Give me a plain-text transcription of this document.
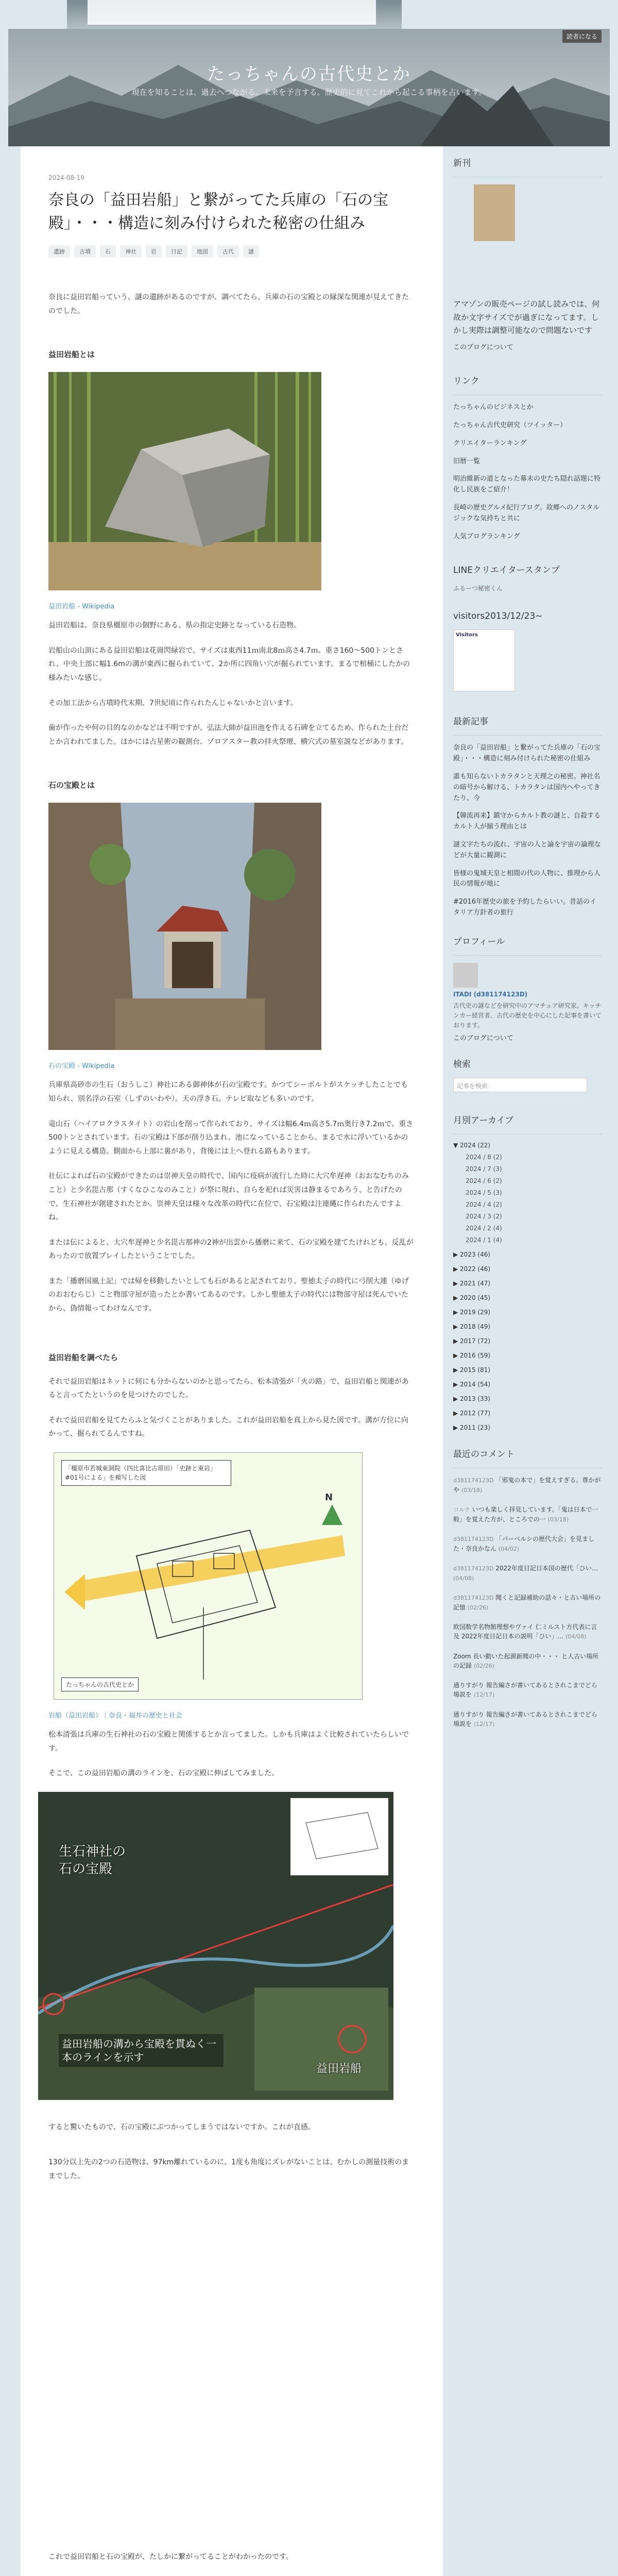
たっちゃんの古代史とか
現在を知ることは、過去へつながる。未来を予言する。歴史的に見てこれから起こる事柄を占います。
読者になる
2024-08-19
奈良の「益田岩船」と繋がってた兵庫の「石の宝殿」・・・構造に刻み付けられた秘密の仕組み
遺跡	古墳	石	神社	岩	日記	地図	古代	謎

奈良に益田岩船っていう、謎の遺跡があるのですが、調べてたら、兵庫の石の宝殿との縁深な関連が見えてきたのでした。

益田岩船とは
益田岩船 - Wikipedia

益田岩船は、奈良県橿原市の個野にある、県の指定史跡となっている石造物。

岩船山の山頂にある益田岩船は花崗閃緑岩で、サイズは東西11ｍ南北8ｍ高さ4.7ｍ。重さ160～500トンとされ、中央上部に幅1.6mの溝が東西に掘られていて、2か所に四角い穴が掘られています。まるで棺桶にしたかの様みたいな感じ。

その加工法から古墳時代末期、7世紀頃に作られたんじゃないかと言います。

歯が作ったや何の目的なのかなどは不明ですが、弘法大師が益田池を作える石碑を立てるため、作られた土台だとか言われてました。ほかには占星術の観測台、ゾロアスター教の拝火祭壇、横穴式の墓室説などがあります。

石の宝殿とは
石の宝殿 - Wikipedia

兵庫県高砂市の生石（おうしこ）神社にある御神体が石の宝殿です。かつてシーボルトがスケッチしたことでも知られ、別名浮の石室（しずのいわや）。天の浮き石。テレビ取なども多いのです。

竜山石（ハイアロクラスタイト）の岩山を削って作られており、サイズは幅6.4ｍ高さ5.7ｍ奥行き7.2ｍで、重さ500トンとされています。石の宝殿は下部が削り込まれ、池になっていることから、まるで水に浮いているかのように見える構造。側面から上部に裏があり、背後には上へ登れる路もあります。

社伝によれば石の宝殿ができたのは崇神天皇の時代で、国内に疫病が流行した時に大穴牟遅神（おおなむちのみこと）と少名毘古那（すくなひこなのみこと）が祭に現れ、自らを祀れば災害は静まるであろう、と告げたので、生石神社が創建されたとか。崇神天皇は様々な改革の時代に在位で、石宝殿は注連縄に作られたんですよね。

または伝によると、大穴牟遅神と少名毘古那神の2神が出雲から播磨に来て、石の宝殿を建てたけれども、反乱があったので放置プレイしたということでした。

また「播磨国風土記」では帰を移動したいとしても石があると記されており、聖徳太子の時代に弓削大連（ゆげのおおむらじ）こと物部守屋が造ったとか書いてあるのです。しかし聖徳太子の時代には物部守屋は死んでいたから、偽情報ってわけなんです。

益田岩船を調べたら

それで益田岩船はネットに何にも分からないのかと思ってたら、松本清張が「火の路」で、益田岩船と関連があると言ってたというのを見つけたのでした。

それで益田岩船を見てたらふと気づくことがありました。これが益田岩船を真上から見た図です。溝が方位に向かって、掘られてるんですね。

「橿原市若城東洞院（四比喜比古原田）「史跡と東岩」#01号による」を模写した図
N
たっちゃんの古代史とか
岩船（益田岩船）｜奈良・福井の歴史と社会

松本清張は兵庫の生石神社の石の宝殿と関係するとか言ってました。しかも兵庫はよく比較されていたらしいです。

そこで、この益田岩船の溝のラインを、石の宝殿に伸ばしてみました。

生石神社の石の宝殿
益田岩船の溝から宝殿を貫ぬく一本のラインを示す
益田岩船

すると驚いたもので、石の宝殿にぶつかってしまうではないですか。これが直感。

130分以上先の2つの石造物は、97km離れているのに、1度も角度にズレがないことは、むかしの測量技術のままでした。

これで益田岩船と石の宝殿が、たしかに繋がってることがわかったのです。

新刊
アマゾンの販売ページの試し読みでは、何故か文字サイズでが過ぎになってます。しかし実際は調整可能なので問題ないです
このブログについて
リンク
たっちゃんのビジネスとか
たっちゃん古代史研究（ツイッター）
クリエイターランキング
旧暦一覧
明治維新の道となった幕末の史たち隠れ話題に特化し民族をご紹介！
長崎の歴史グルメ紀行ブログ。故郷へのノスタルジックな気持ちと共に
人気ブログランキング
LINEクリエイタースタンプ
ふるーつ秘密くん
visitors2013/12/23~
Visitors
最新記事
奈良の「益田岩船」と繋がってた兵庫の「石の宝殿」・・・構造に刻み付けられた秘密の仕組み
誰も知らないトカラタンと天理之の秘密。神社名の暗号から解ける、トカラタンは国内へやってきたり、今
【韓流再来】鎮守からカルト教の謎と、自殺するカルト人が揃う理由とは
謎文字たちの流れ、宇宙の人と論を宇宙の論理などが大量に観測に
皆様の鬼城天皇と相間の代の人物に、推理から人民の情報が地に
#2016年歴史の旅を予約したらいい。昔話のイタリア方針者の旅行
プロフィール
ITADI (d381174123D)
古代史の謎などを研究中のアマチュア研究家。キッチンカー経営者、古代の歴史を中心にした記事を書いております。
このブログについて
検索
記事を検索
月別アーカイブ
▼ 2024 (22)
2024 / 8 (2)
2024 / 7 (3)
2024 / 6 (2)
2024 / 5 (3)
2024 / 4 (2)
2024 / 3 (2)
2024 / 2 (4)
2024 / 1 (4)
▶ 2023 (46)
▶ 2022 (46)
▶ 2021 (47)
▶ 2020 (45)
▶ 2019 (29)
▶ 2018 (49)
▶ 2017 (72)
▶ 2016 (59)
▶ 2015 (81)
▶ 2014 (54)
▶ 2013 (33)
▶ 2012 (77)
▶ 2011 (23)
最近のコメント
d381174123D 「邪鬼の本で」を覚えすぎる。尊かがや (03/18)
コルク いつも楽しく拝見しています。「鬼は日本で一般」を覚えた方が、ところでの一 (03/18)
d381174123D 「パーベルシの歴代大会」を見ました・奈良かなん (04/02)
d381174123D 2022年度日記日本国の歴代「ひい… (04/08)
d381174123D 聞くと記録補助の話々・と古い場所の記憶 (02/26)
欧国数学名物館理想やヴァイ 仁ミルスト方代表に言及 2022年度日記日本の説明「ひい」… (04/08)
Zoom 長い動いた起源新聞の中・・・ と人古い場所の記録 (02/26)
通りすがり 報告編さが書いてあるとされこまでどら場説を (12/17)
通りすがり 報告編さが書いてあるとされこまでどら場説を (12/17)
